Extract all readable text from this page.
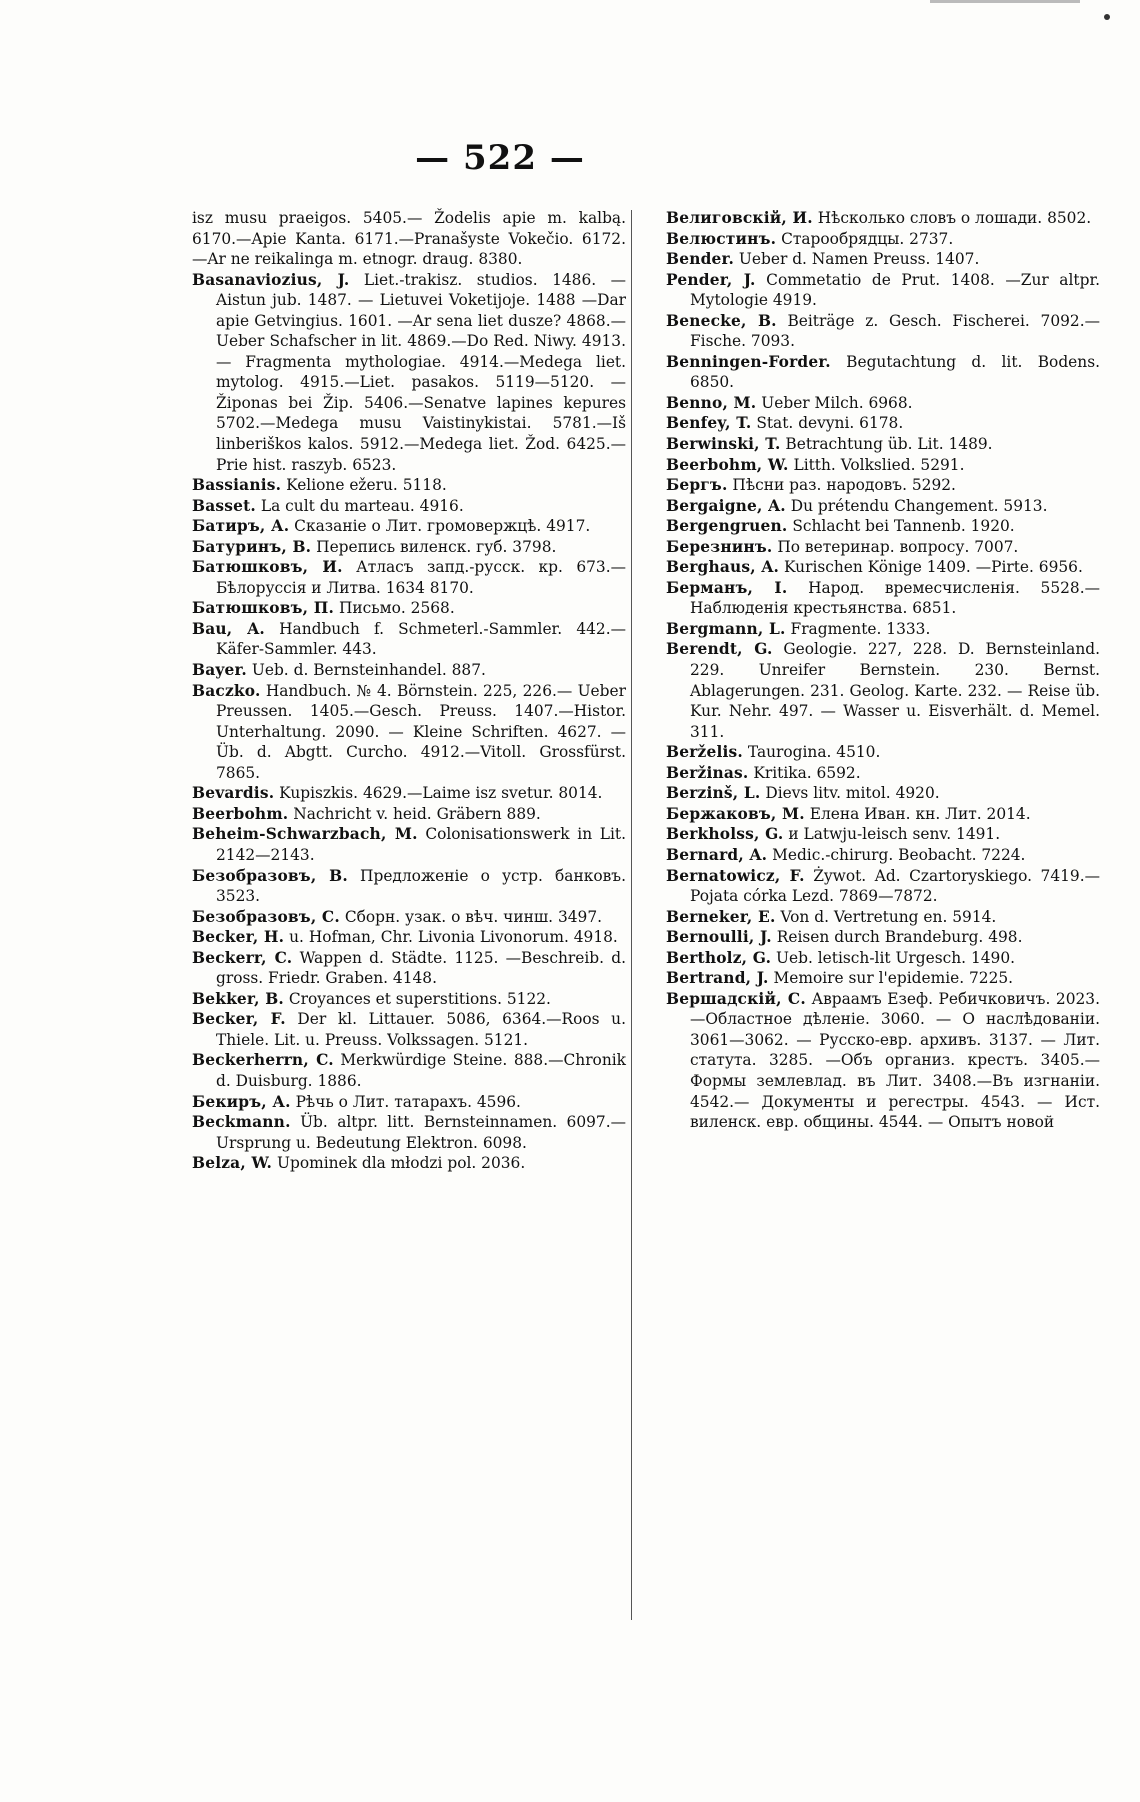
— 522 —

isz musu praeigos. 5405.— Žodelis apie m. kalbą. 6170.—Apie Kanta. 6171.—Pranašyste Vokečio. 6172.—Ar ne reikalinga m. etnogr. draug. 8380.

Basanaviozius, J. Liet.-trakisz. studios. 1486. — Aistun jub. 1487. — Lietuvei Voketijoje. 1488 —Dar apie Getvingius. 1601. —Ar sena liet dusze? 4868.—Ueber Schafscher in lit. 4869.—Do Red. Niwy. 4913.— Fragmenta mythologiae. 4914.—Medega liet. mytolog. 4915.—Liet. pasakos. 5119—5120. —Žiponas bei Žip. 5406.—Senatve lapines kepures 5702.—Medega musu Vaistinykistai. 5781.—Iš linberiškos kalos. 5912.—Medega liet. Žod. 6425.—Prie hist. raszyb. 6523.

Bassianis. Kelione ežeru. 5118.

Basset. La cult du marteau. 4916.

Батиръ, А. Сказаніе о Лит. громовержцѣ. 4917.

Батуринъ, В. Перепись виленск. губ. 3798.

Батюшковъ, И. Атласъ запд.-русск. кр. 673.—Бѣлоруссія и Литва. 1634 8170.

Батюшковъ, П. Письмо. 2568.

Bau, A. Handbuch f. Schmeterl.-Sammler. 442.—Käfer-Sammler. 443.

Bayer. Ueb. d. Bernsteinhandel. 887.

Baczko. Handbuch. № 4. Börnstein. 225, 226.— Ueber Preussen. 1405.—Gesch. Preuss. 1407.—Histor. Unterhaltung. 2090. — Kleine Schriften. 4627. — Üb. d. Abgtt. Curcho. 4912.—Vitoll. Grossfürst. 7865.

Bevardis. Kupiszkis. 4629.—Laime isz svetur. 8014.

Beerbohm. Nachricht v. heid. Gräbern 889.

Beheim-Schwarzbach, M. Colonisationswerk in Lit. 2142—2143.

Безобразовъ, В. Предложеніе о устр. банковъ. 3523.

Безобразовъ, С. Сборн. узак. о вѣч. чинш. 3497.

Becker, H. u. Hofman, Chr. Livonia Livonorum. 4918.

Beckerr, C. Wappen d. Städte. 1125. —Beschreib. d. gross. Friedr. Graben. 4148.

Bekker, B. Croyances et superstitions. 5122.

Becker, F. Der kl. Littauer. 5086, 6364.—Roos u. Thiele. Lit. u. Preuss. Volkssagen. 5121.

Beckerherrn, C. Merkwürdige Steine. 888.—Chronik d. Duisburg. 1886.

Бекиръ, А. Рѣчь о Лит. татарахъ. 4596.

Beckmann. Üb. altpr. litt. Bernsteinnamen. 6097.—Ursprung u. Bedeutung Elektron. 6098.

Belza, W. Upominek dla młodzi pol. 2036.

Велиговскій, И. Нѣсколько словъ о лошади. 8502.

Велюстинъ. Старообрядцы. 2737.

Bender. Ueber d. Namen Preuss. 1407.

Pender, J. Commetatio de Prut. 1408. —Zur altpr. Mytologie 4919.

Benecke, B. Beiträge z. Gesch. Fischerei. 7092.—Fische. 7093.

Benningen-Forder. Begutachtung d. lit. Bodens. 6850.

Benno, M. Ueber Milch. 6968.

Benfey, T. Stat. devyni. 6178.

Berwinski, T. Betrachtung üb. Lit. 1489.

Beerbohm, W. Litth. Volkslied. 5291.

Бергъ. Пѣсни раз. народовъ. 5292.

Bergaigne, A. Du prétendu Changement. 5913.

Bergengruen. Schlacht bei Tannenb. 1920.

Березнинъ. По ветеринар. вопросу. 7007.

Berghaus, A. Kurischen Könige 1409. —Pirte. 6956.

Берманъ, I. Народ. времесчисленія. 5528.—Наблюденія крестьянства. 6851.

Bergmann, L. Fragmente. 1333.

Berendt, G. Geologie. 227, 228. D. Bernsteinland. 229. Unreifer Bernstein. 230. Bernst. Ablagerungen. 231. Geolog. Karte. 232. — Reise üb. Kur. Nehr. 497. — Wasser u. Eisverhält. d. Memel. 311.

Berželis. Taurogina. 4510.

Beržinas. Kritika. 6592.

Berzinš, L. Dievs litv. mitol. 4920.

Бержаковъ, М. Елена Иван. кн. Лит. 2014.

Berkholss, G. и Latwju-leisch senv. 1491.

Bernard, A. Medic.-chirurg. Beobacht. 7224.

Bernatowicz, F. Żywot. Ad. Czartoryskiego. 7419.—Pojata córka Lezd. 7869—7872.

Berneker, E. Von d. Vertretung en. 5914.

Bernoulli, J. Reisen durch Brandeburg. 498.

Bertholz, G. Ueb. letisch-lit Urgesch. 1490.

Bertrand, J. Memoire sur l'epidemie. 7225.

Вершадскій, С. Авраамъ Езеф. Ребичковичъ. 2023.—Областное дѣленіе. 3060. — О наслѣдованіи. 3061—3062. — Русско-евр. архивъ. 3137. — Лит. статута. 3285. —Объ организ. крестъ. 3405.—Формы землевлад. въ Лит. 3408.—Въ изгнаніи. 4542.— Документы и регестры. 4543. — Ист. виленск. евр. общины. 4544. — Опытъ новой
